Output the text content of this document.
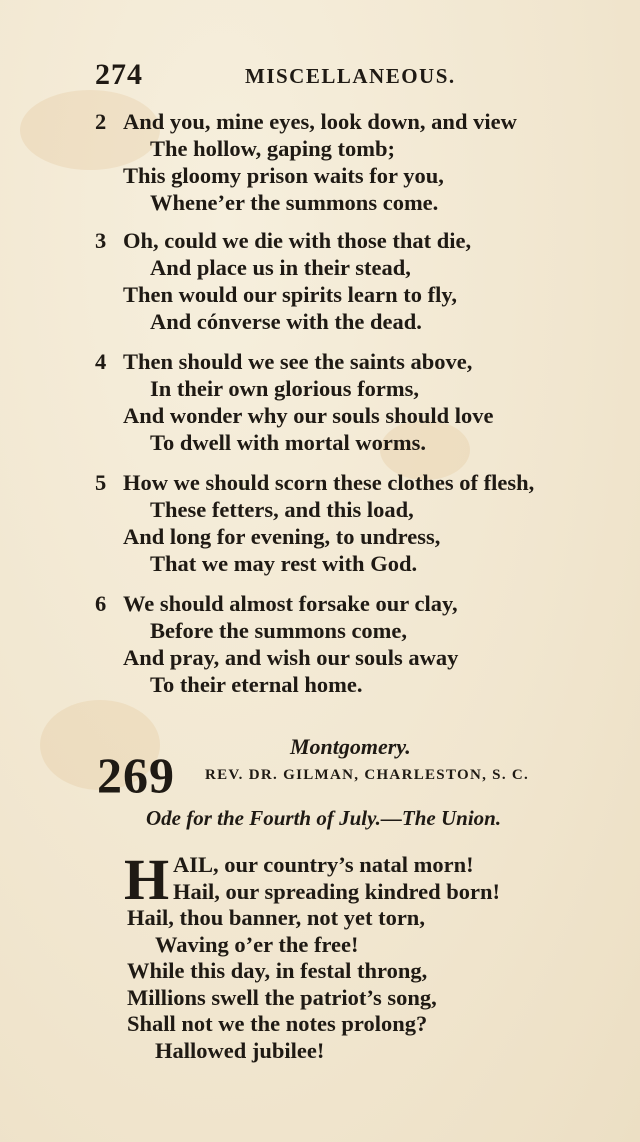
274	MISCELLANEOUS.
2 And you, mine eyes, look down, and view
The hollow, gaping tomb;
This gloomy prison waits for you,
Whene’er the summons come.
3 Oh, could we die with those that die,
And place us in their stead,
Then would our spirits learn to fly,
And cónverse with the dead.
4 Then should we see the saints above,
In their own glorious forms,
And wonder why our souls should love
To dwell with mortal worms.
5 How we should scorn these clothes of flesh,
These fetters, and this load,
And long for evening, to undress,
That we may rest with God.
6 We should almost forsake our clay,
Before the summons come,
And pray, and wish our souls away
To their eternal home.
Montgomery.
269 REV. DR. GILMAN, CHARLESTON, S. C.
Ode for the Fourth of July.—The Union.
H AIL, our country’s natal morn!
Hail, our spreading kindred born!
Hail, thou banner, not yet torn,
Waving o’er the free!
While this day, in festal throng,
Millions swell the patriot’s song,
Shall not we the notes prolong?
Hallowed jubilee!
